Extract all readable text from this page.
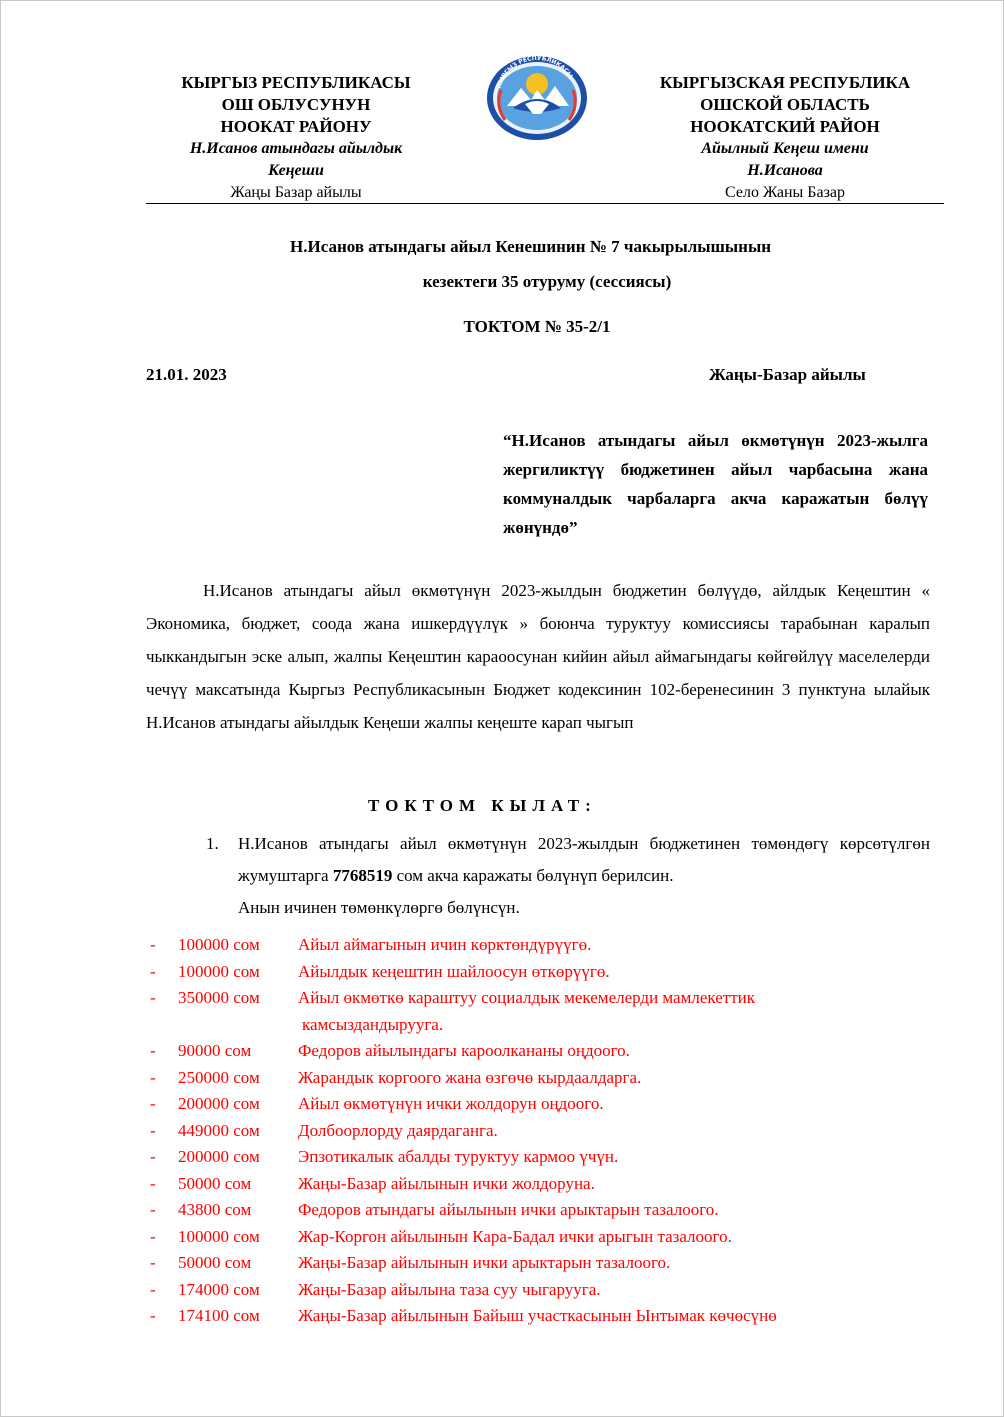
КЫРГЫЗ РЕСПУБЛИКАСЫ
ОШ ОБЛУСУНУН
НООКАТ РАЙОНУ
Н.Исанов атындагы айылдык
Кеңеши
Жаңы Базар айылы
КЫРГЫЗ РЕСПУБЛИКАСЫ	КЫРГЫЗСКАЯ РЕСПУБЛИКА
ОШСКОЙ ОБЛАСТЬ
НООКАТСКИЙ РАЙОН
Айылный Кеңеш имени
Н.Исанова
Село Жаны Базар
Н.Исанов атындагы айыл Кенешинин № 7 чакырылышынын
кезектеги 35 отуруму (сессиясы)
ТОКТОМ № 35-2/1
21.01. 2023	Жаңы-Базар айылы
“Н.Исанов атындагы айыл өкмөтүнүн 2023-жылга жергиликтүү бюджетинен айыл чарбасына жана коммуналдык чарбаларга акча каражатын бөлүү жөнүндө”
Н.Исанов атындагы айыл өкмөтүнүн 2023-жылдын бюджетин бөлүүдө, айлдык Кеңештин « Экономика, бюджет, соода жана ишкердүүлүк » боюнча туруктуу комиссиясы тарабынан каралып чыккандыгын эске алып, жалпы Кеңештин караоосунан кийин айыл аймагындагы көйгөйлүү маселелерди чечүү максатында Кыргыз Республикасынын Бюджет кодексинин 102-беренесинин 3 пунктуна ылайык Н.Исанов атындагы айылдык Кеңеши жалпы кеңеште карап чыгып
ТОКТОМ КЫЛАТ:
1. Н.Исанов атындагы айыл өкмөтүнүн 2023-жылдын бюджетинен төмөндөгү көрсөтүлгөн жумуштарга 7768519 сом акча каражаты бөлүнүп берилсин.
Анын ичинен төмөнкүлөргө бөлүнсүн.
- 100000 сом Айыл аймагынын ичин көрктөндүрүүгө.
- 100000 сом Айылдык кеңештин шайлоосун өткөрүүгө.
- 350000 сом Айыл өкмөткө караштуу социалдык мекемелерди мамлекеттик
камсыздандырууга.
- 90000 сом	Федоров айылындагы кароолкананы оңдоого.
- 250000 сом Жарандык коргоого жана өзгөчө кырдаалдарга.
- 200000 сом Айыл өкмөтүнүн ички жолдорун оңдоого.
- 449000 сом Долбоорлорду даярдаганга.
- 200000 сом Эпзотикалык абалды туруктуу кармоо үчүн.
- 50000 сом	Жаңы-Базар айылынын ички жолдоруна.
- 43800 сом	Федоров атындагы айылынын ички арыктарын тазалоого.
- 100000 сом Жар-Коргон айылынын Кара-Бадал ички арыгын тазалоого.
- 50000 сом	Жаңы-Базар айылынын ички арыктарын тазалоого.
- 174000 сом Жаңы-Базар айылына таза суу чыгарууга.
- 174100 сом Жаңы-Базар айылынын Байыш участкасынын Ынтымак көчөсүнө
